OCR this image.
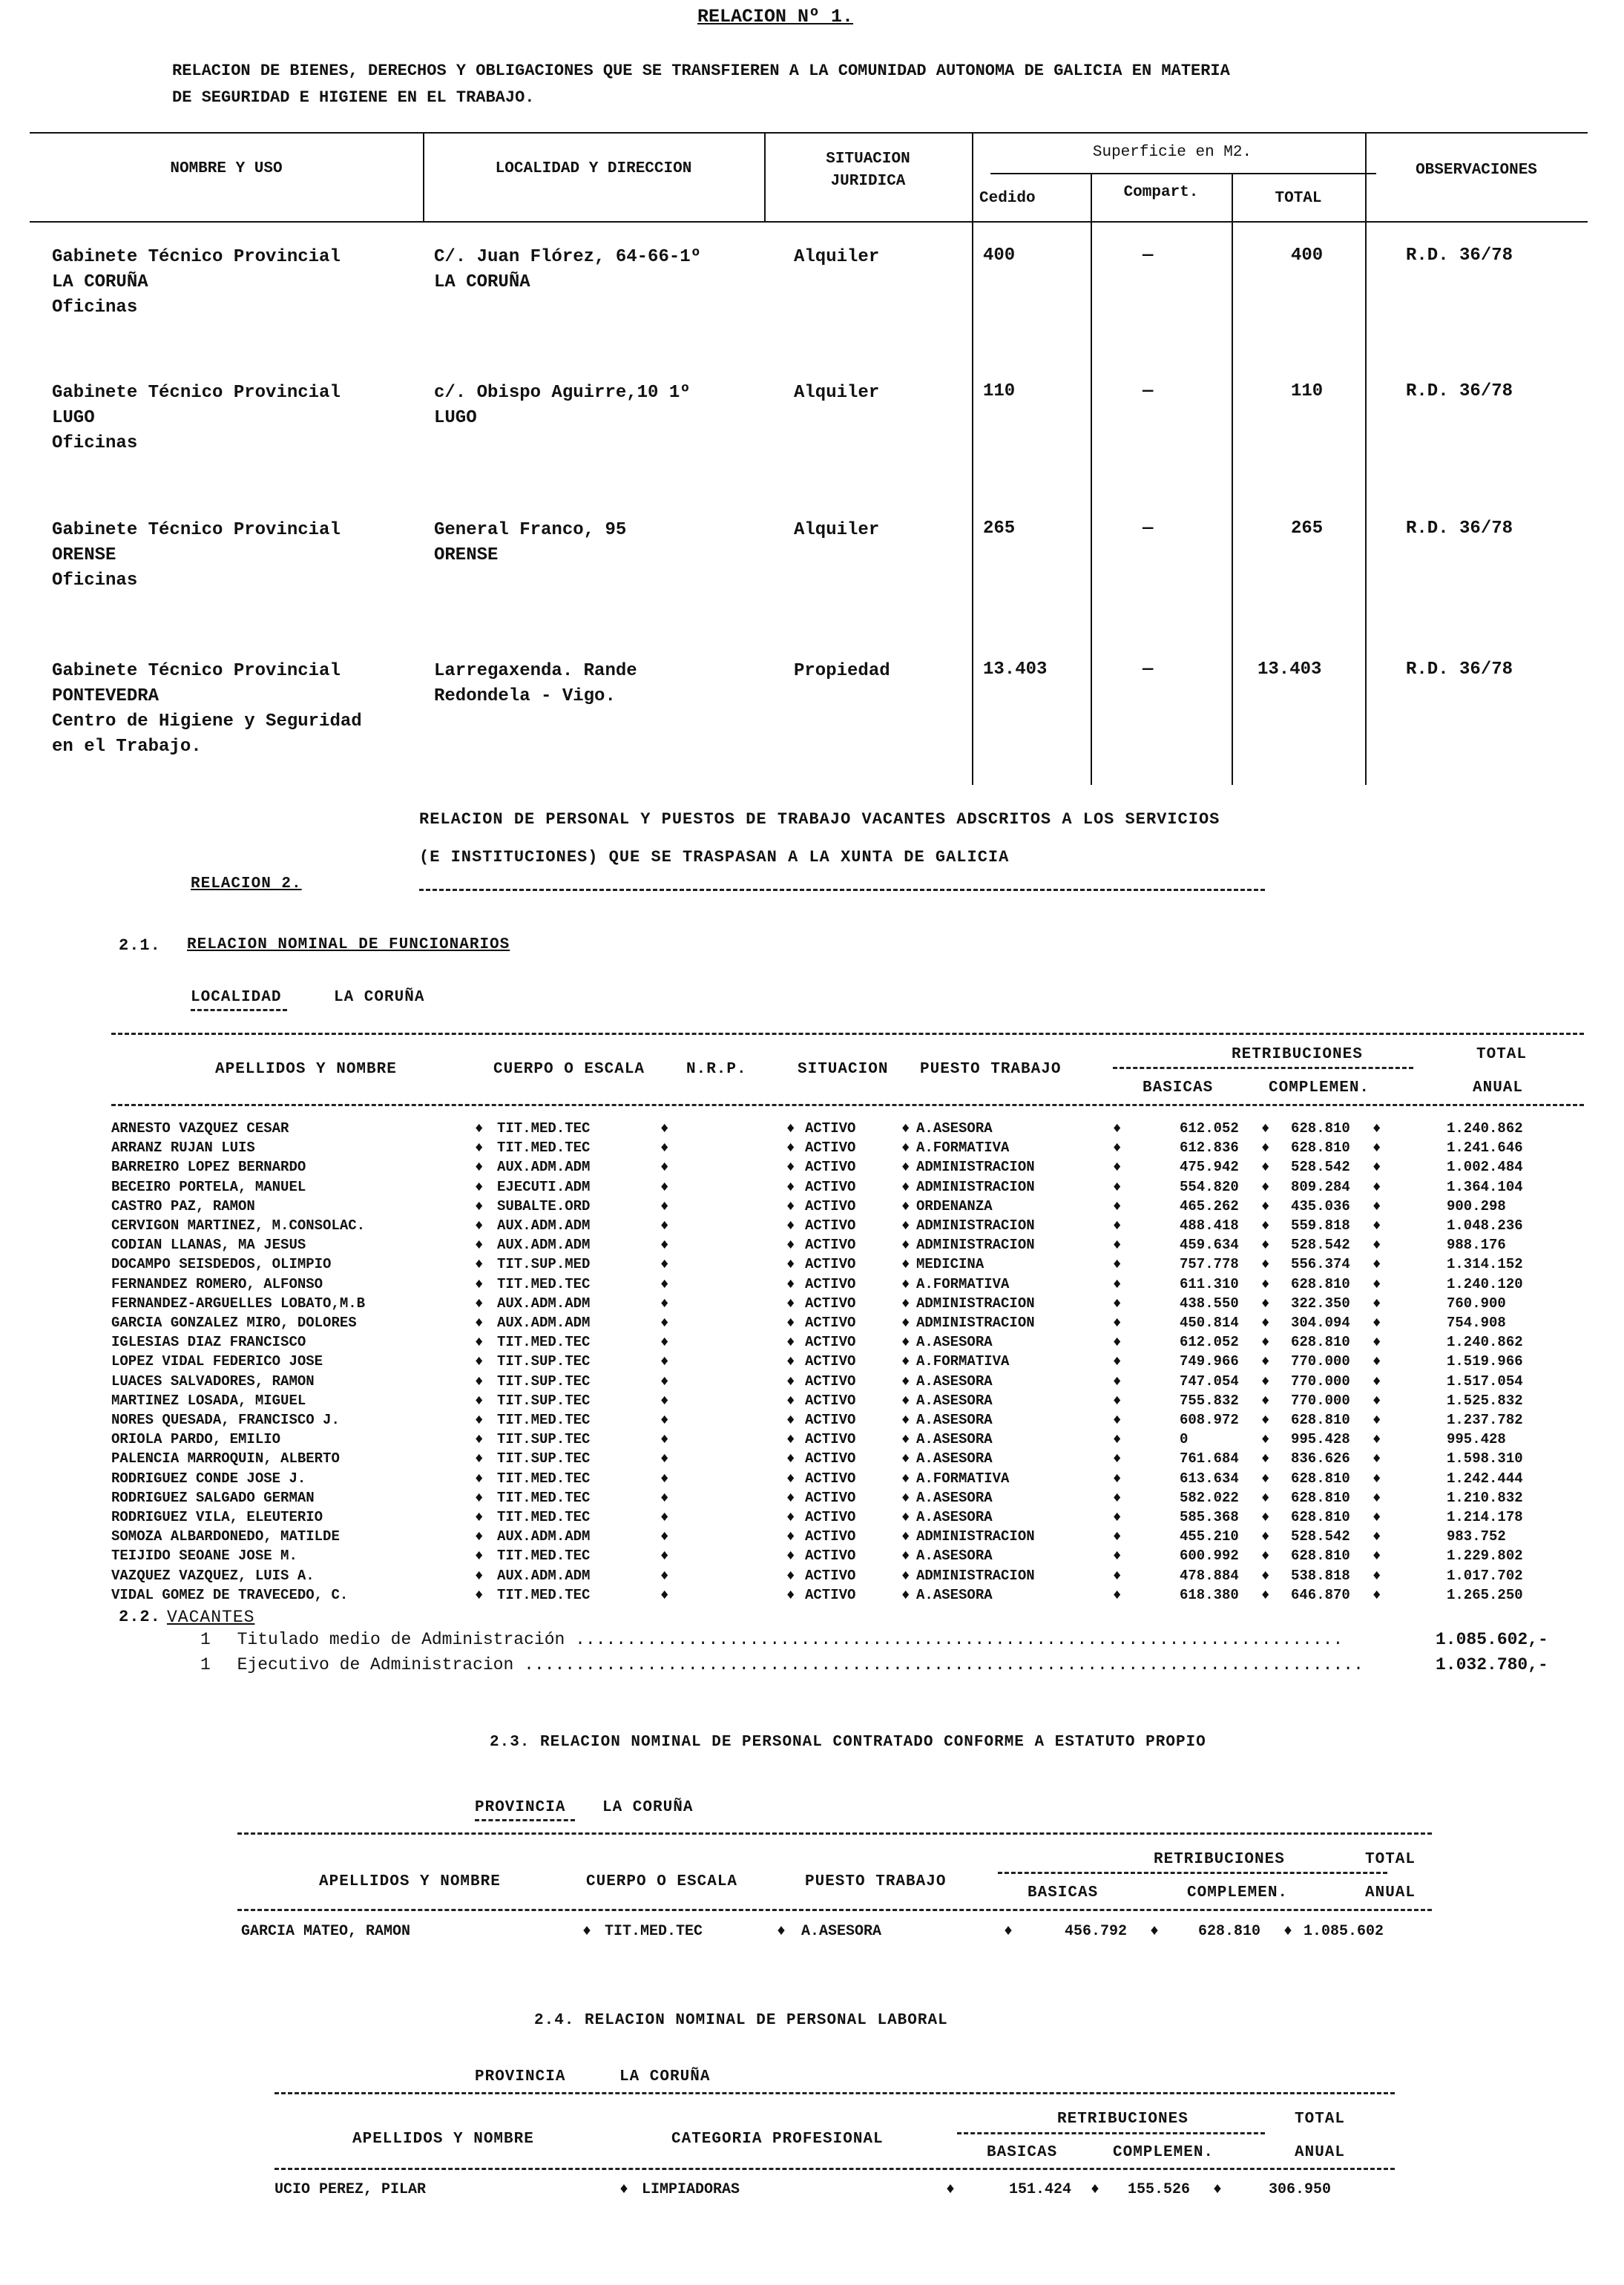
RELACION Nº 1.
RELACION DE BIENES, DERECHOS Y OBLIGACIONES QUE SE TRANSFIEREN A LA COMUNIDAD AUTONOMA DE GALICIA EN MATERIA
DE SEGURIDAD E HIGIENE EN EL TRABAJO.
NOMBRE Y USO	LOCALIDAD Y DIRECCION
SITUACION
JURIDICA
Superficie en M2.
Cedido	Compart.	TOTAL
OBSERVACIONES
Gabinete Técnico Provincial
LA CORUÑA
Oficinas
C/. Juan Flórez, 64-66-1º
LA CORUÑA
Alquiler	400	—	400	R.D. 36/78
Gabinete Técnico Provincial
LUGO
Oficinas
c/. Obispo Aguirre,10 1º
LUGO
Alquiler	110	—	110	R.D. 36/78
Gabinete Técnico Provincial
ORENSE
Oficinas
General Franco, 95
ORENSE
Alquiler	265	—	265	R.D. 36/78
Gabinete Técnico Provincial
PONTEVEDRA
Centro de Higiene y Seguridad
en el Trabajo.
Larregaxenda. Rande
Redondela - Vigo.
Propiedad	13.403	—	13.403	R.D. 36/78
RELACION DE PERSONAL Y PUESTOS DE TRABAJO VACANTES ADSCRITOS A LOS SERVICIOS
(E INSTITUCIONES) QUE SE TRASPASAN A LA XUNTA DE GALICIA
RELACION 2.
2.1. RELACION NOMINAL DE FUNCIONARIOS
LOCALIDAD	LA CORUÑA
APELLIDOS Y NOMBRE	CUERPO O ESCALA	N.R.P.	SITUACION PUESTO TRABAJO
RETRIBUCIONES
BASICAS	COMPLEMEN.
TOTAL
ANUAL
ARNESTO VAZQUEZ CESAR	♦ TIT.MED.TEC	♦	♦ ACTIVO	♦ A.ASESORA	♦	612.052 ♦ 628.810 ♦	1.240.862
ARRANZ RUJAN LUIS	♦ TIT.MED.TEC	♦	♦ ACTIVO	♦ A.FORMATIVA	♦	612.836 ♦ 628.810 ♦	1.241.646
BARREIRO LOPEZ BERNARDO	♦ AUX.ADM.ADM	♦	♦ ACTIVO	♦ ADMINISTRACION	♦	475.942 ♦ 528.542 ♦	1.002.484
BECEIRO PORTELA, MANUEL	♦ EJECUTI.ADM	♦	♦ ACTIVO	♦ ADMINISTRACION	♦	554.820 ♦ 809.284 ♦	1.364.104
CASTRO PAZ, RAMON	♦ SUBALTE.ORD	♦	♦ ACTIVO	♦ ORDENANZA	♦	465.262 ♦ 435.036 ♦	900.298
CERVIGON MARTINEZ, M.CONSOLAC.	♦ AUX.ADM.ADM	♦	♦ ACTIVO	♦ ADMINISTRACION	♦	488.418 ♦ 559.818 ♦	1.048.236
CODIAN LLANAS, MA JESUS	♦ AUX.ADM.ADM	♦	♦ ACTIVO	♦ ADMINISTRACION	♦	459.634 ♦ 528.542 ♦	988.176
DOCAMPO SEISDEDOS, OLIMPIO	♦ TIT.SUP.MED	♦	♦ ACTIVO	♦ MEDICINA	♦	757.778 ♦ 556.374 ♦	1.314.152
FERNANDEZ ROMERO, ALFONSO	♦ TIT.MED.TEC	♦	♦ ACTIVO	♦ A.FORMATIVA	♦	611.310 ♦ 628.810 ♦	1.240.120
FERNANDEZ-ARGUELLES LOBATO,M.B	♦ AUX.ADM.ADM	♦	♦ ACTIVO	♦ ADMINISTRACION	♦	438.550 ♦ 322.350 ♦	760.900
GARCIA GONZALEZ MIRO, DOLORES	♦ AUX.ADM.ADM	♦	♦ ACTIVO	♦ ADMINISTRACION	♦	450.814 ♦ 304.094 ♦	754.908
IGLESIAS DIAZ FRANCISCO	♦ TIT.MED.TEC	♦	♦ ACTIVO	♦ A.ASESORA	♦	612.052 ♦ 628.810 ♦	1.240.862
LOPEZ VIDAL FEDERICO JOSE	♦ TIT.SUP.TEC	♦	♦ ACTIVO	♦ A.FORMATIVA	♦	749.966 ♦ 770.000 ♦	1.519.966
LUACES SALVADORES, RAMON	♦ TIT.SUP.TEC	♦	♦ ACTIVO	♦ A.ASESORA	♦	747.054 ♦ 770.000 ♦	1.517.054
MARTINEZ LOSADA, MIGUEL	♦ TIT.SUP.TEC	♦	♦ ACTIVO	♦ A.ASESORA	♦	755.832 ♦ 770.000 ♦	1.525.832
NORES QUESADA, FRANCISCO J.	♦ TIT.MED.TEC	♦	♦ ACTIVO	♦ A.ASESORA	♦	608.972 ♦ 628.810 ♦	1.237.782
ORIOLA PARDO, EMILIO	♦ TIT.SUP.TEC	♦	♦ ACTIVO	♦ A.ASESORA	♦	0	♦ 995.428 ♦	995.428
PALENCIA MARROQUIN, ALBERTO	♦ TIT.SUP.TEC	♦	♦ ACTIVO	♦ A.ASESORA	♦	761.684 ♦ 836.626 ♦	1.598.310
RODRIGUEZ CONDE JOSE J.	♦ TIT.MED.TEC	♦	♦ ACTIVO	♦ A.FORMATIVA	♦	613.634 ♦ 628.810 ♦	1.242.444
RODRIGUEZ SALGADO GERMAN	♦ TIT.MED.TEC	♦	♦ ACTIVO	♦ A.ASESORA	♦	582.022 ♦ 628.810 ♦	1.210.832
RODRIGUEZ VILA, ELEUTERIO	♦ TIT.MED.TEC	♦	♦ ACTIVO	♦ A.ASESORA	♦	585.368 ♦ 628.810 ♦	1.214.178
SOMOZA ALBARDONEDO, MATILDE	♦ AUX.ADM.ADM	♦	♦ ACTIVO	♦ ADMINISTRACION	♦	455.210 ♦ 528.542 ♦	983.752
TEIJIDO SEOANE JOSE M.	♦ TIT.MED.TEC	♦	♦ ACTIVO	♦ A.ASESORA	♦	600.992 ♦ 628.810 ♦	1.229.802
VAZQUEZ VAZQUEZ, LUIS A.	♦ AUX.ADM.ADM	♦	♦ ACTIVO	♦ ADMINISTRACION	♦	478.884 ♦ 538.818 ♦	1.017.702
VIDAL GOMEZ DE TRAVECEDO, C.	♦ TIT.MED.TEC	♦	♦ ACTIVO	♦ A.ASESORA	♦	618.380 ♦ 646.870 ♦	1.265.250
2.2. VACANTES
1 Titulado medio de Administración ...........................................................................	1.085.602,-
1 Ejecutivo de Administracion ..................................................................................	1.032.780,-
2.3. RELACION NOMINAL DE PERSONAL CONTRATADO CONFORME A ESTATUTO PROPIO
PROVINCIA LA CORUÑA
APELLIDOS Y NOMBRE	CUERPO O ESCALA	PUESTO TRABAJO
RETRIBUCIONES
BASICAS	COMPLEMEN.
TOTAL
ANUAL
GARCIA MATEO, RAMON	♦ TIT.MED.TEC	♦ A.ASESORA	♦	456.792 ♦	628.810 ♦ 1.085.602
2.4. RELACION NOMINAL DE PERSONAL LABORAL
PROVINCIA	LA CORUÑA
APELLIDOS Y NOMBRE	CATEGORIA PROFESIONAL
RETRIBUCIONES
BASICAS	COMPLEMEN.
TOTAL
ANUAL
UCIO PEREZ, PILAR	♦ LIMPIADORAS	♦	151.424 ♦ 155.526 ♦	306.950
